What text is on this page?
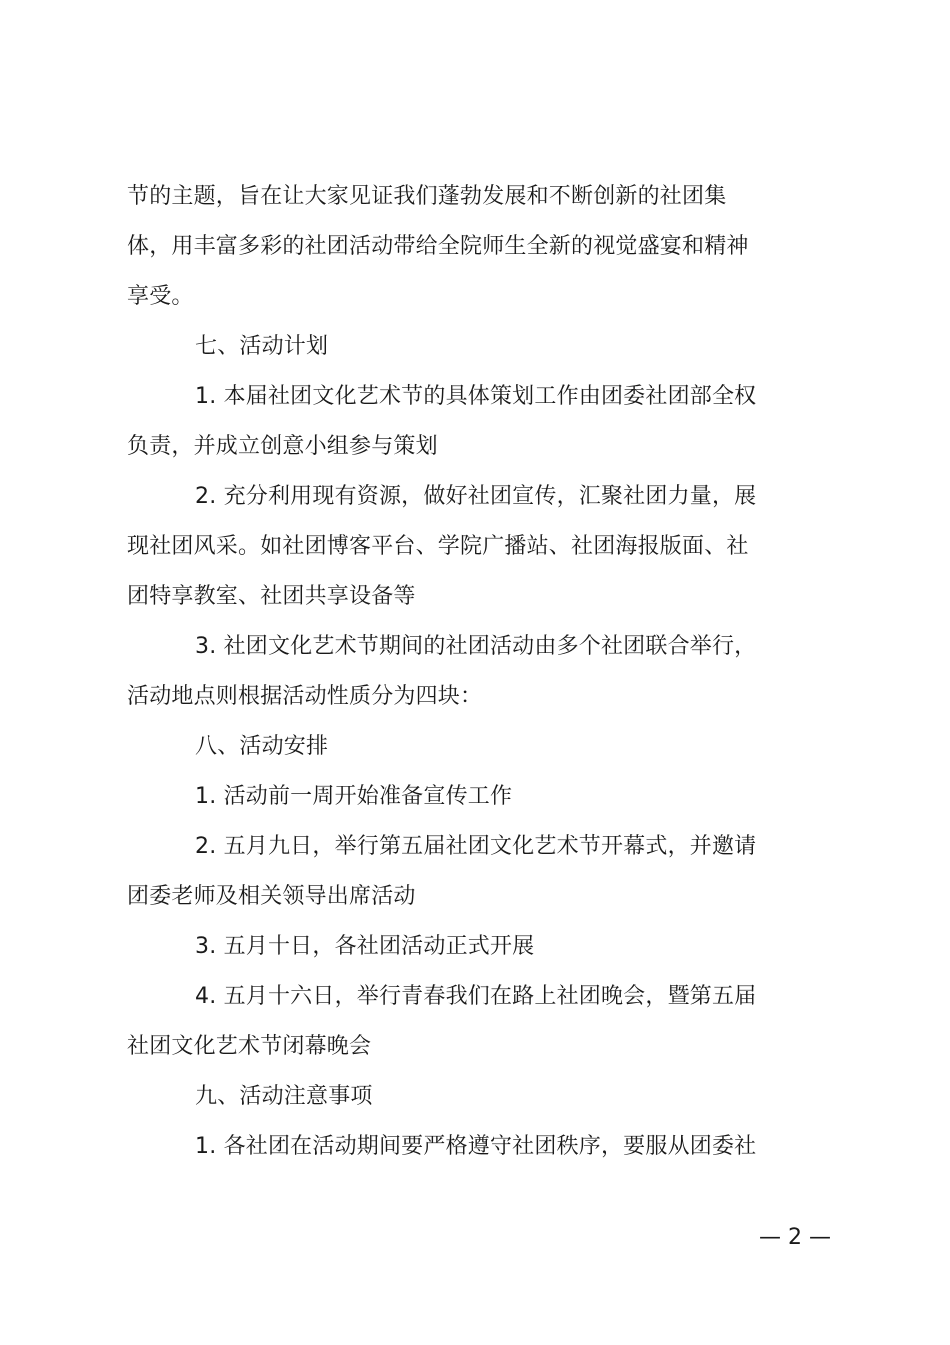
节的主题，旨在让大家见证我们蓬勃发展和不断创新的社团集
体，用丰富多彩的社团活动带给全院师生全新的视觉盛宴和精神
享受。
七、活动计划
1. 本届社团文化艺术节的具体策划工作由团委社团部全权
负责，并成立创意小组参与策划
2. 充分利用现有资源，做好社团宣传，汇聚社团力量，展
现社团风采。如社团博客平台、学院广播站、社团海报版面、社
团特享教室、社团共享设备等
3. 社团文化艺术节期间的社团活动由多个社团联合举行，
活动地点则根据活动性质分为四块：
八、活动安排
1. 活动前一周开始准备宣传工作
2. 五月九日，举行第五届社团文化艺术节开幕式，并邀请
团委老师及相关领导出席活动
3. 五月十日，各社团活动正式开展
4. 五月十六日，举行青春我们在路上社团晚会，暨第五届
社团文化艺术节闭幕晚会
九、活动注意事项
1. 各社团在活动期间要严格遵守社团秩序，要服从团委社
— 2 —
